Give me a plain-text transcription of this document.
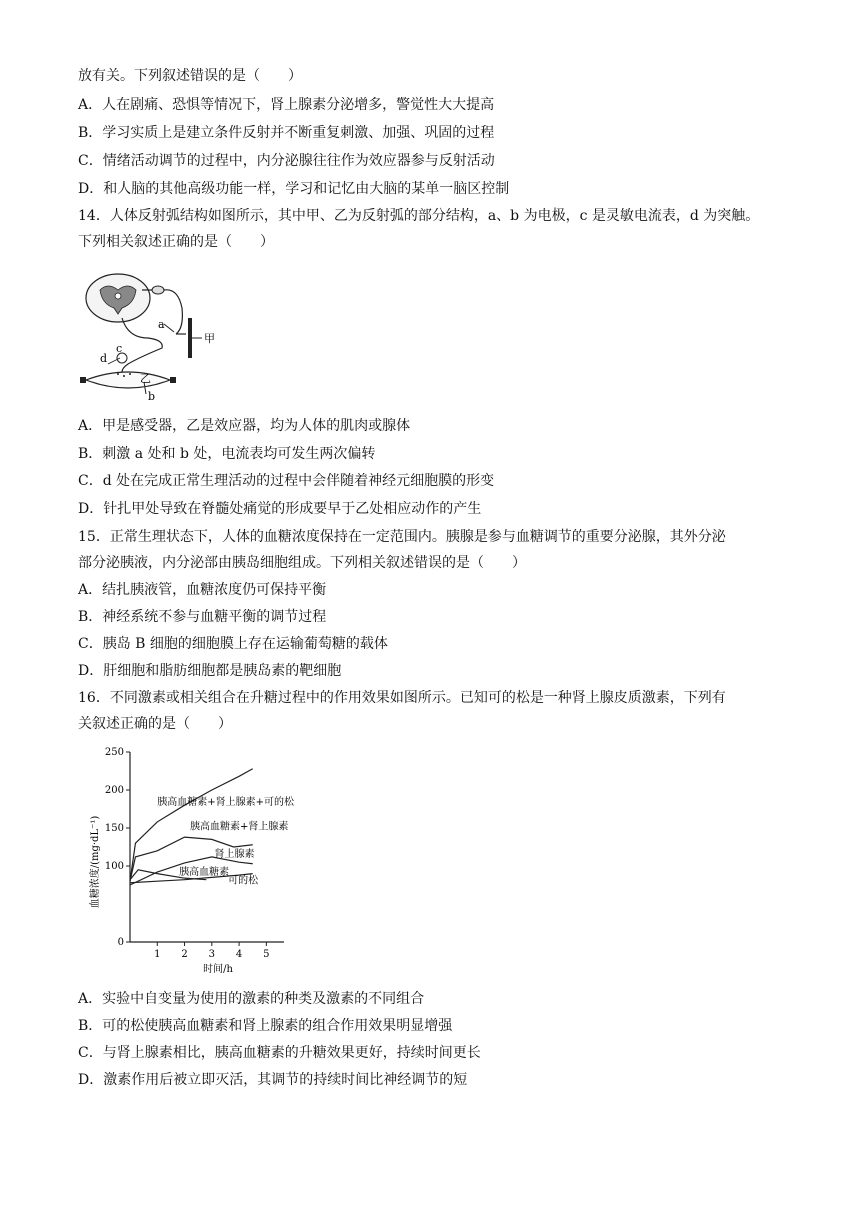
放有关。下列叙述错误的是（　　）
A．人在剧痛、恐惧等情况下，肾上腺素分泌增多，警觉性大大提高
B．学习实质上是建立条件反射并不断重复刺激、加强、巩固的过程
C．情绪活动调节的过程中，内分泌腺往往作为效应器参与反射活动
D．和人脑的其他高级功能一样，学习和记忆由大脑的某单一脑区控制
14．人体反射弧结构如图所示，其中甲、乙为反射弧的部分结构，a、b 为电极，c 是灵敏电流表，d 为突触。
下列相关叙述正确的是（　　）
a
甲
c
d
乙
b
A．甲是感受器，乙是效应器，均为人体的肌肉或腺体
B．刺激 a 处和 b 处，电流表均可发生两次偏转
C．d 处在完成正常生理活动的过程中会伴随着神经元细胞膜的形变
D．针扎甲处导致在脊髓处痛觉的形成要早于乙处相应动作的产生
15．正常生理状态下，人体的血糖浓度保持在一定范围内。胰腺是参与血糖调节的重要分泌腺，其外分泌
部分泌胰液，内分泌部由胰岛细胞组成。下列相关叙述错误的是（　　）
A．结扎胰液管，血糖浓度仍可保持平衡
B．神经系统不参与血糖平衡的调节过程
C．胰岛 B 细胞的细胞膜上存在运输葡萄糖的载体
D．肝细胞和脂肪细胞都是胰岛素的靶细胞
16．不同激素或相关组合在升糖过程中的作用效果如图所示。已知可的松是一种肾上腺皮质激素，下列有
关叙述正确的是（　　）
0
100
150
200
250
1 2 3 4 5
胰高血糖素+肾上腺素+可的松
胰高血糖素+肾上腺素
肾上腺素
胰高血糖素
可的松
血糖浓度/(mg·dL⁻¹)
时间/h
A．实验中自变量为使用的激素的种类及激素的不同组合
B．可的松使胰高血糖素和肾上腺素的组合作用效果明显增强
C．与肾上腺素相比，胰高血糖素的升糖效果更好，持续时间更长
D．激素作用后被立即灭活，其调节的持续时间比神经调节的短
